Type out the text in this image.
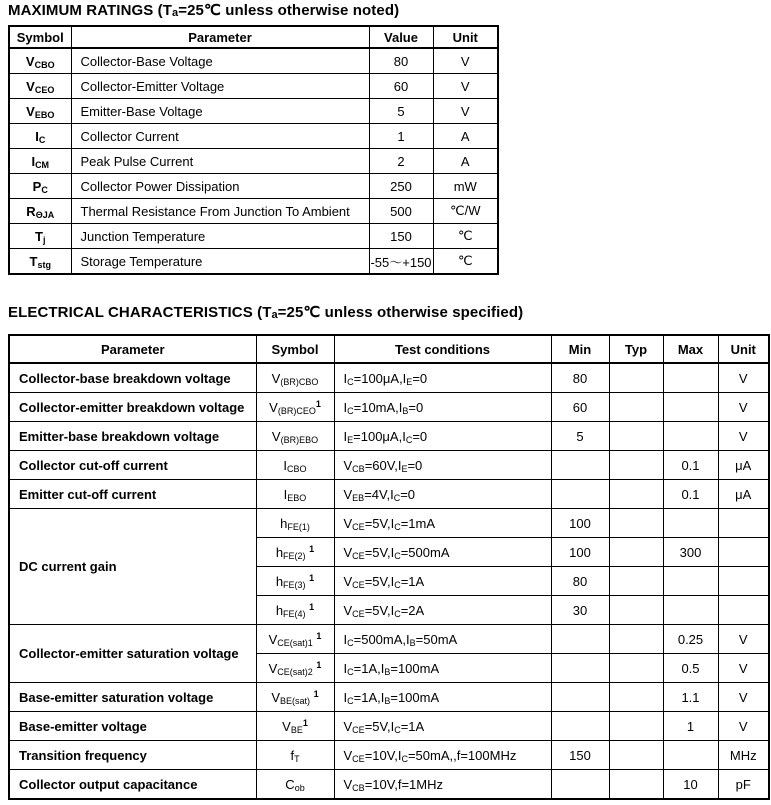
MAXIMUM RATINGS ($T_a=25℃$ unless otherwise noted)
Symbol	Parameter	Value	Unit
$V_{CBO}$	Collector-Base Voltage	80	V
$V_{CEO}$	Collector-Emitter Voltage	60	V
$V_{EBO}$	Emitter-Base Voltage	5	V
$I_C$	Collector Current	1	A
$I_{CM}$	Peak Pulse Current	2	A
$P_C$	Collector Power Dissipation	250	mW
$R_{\Theta JA}$	Thermal Resistance From Junction To Ambient	500	℃/W
$T_j$	Junction Temperature	150	℃
$T_{stg}$	Storage Temperature	-55～+150	℃
ELECTRICAL CHARACTERISTICS ($T_a=25℃$ unless otherwise specified)
Parameter	Symbol	Test conditions	Min	Typ	Max	Unit
Collector-base breakdown voltage	$V_{(BR)CBO}$	$I_C=100\mu A,I_E=0$	80			V
Collector-emitter breakdown voltage	$V_{(BR)CEO}^1$	$I_C=10mA,I_B=0$	60			V
Emitter-base breakdown voltage	$V_{(BR)EBO}$	$I_E=100\mu A,I_C=0$	5			V
Collector cut-off current	$I_{CBO}$	$V_{CB}=60V,I_E=0$			0.1	μA
Emitter cut-off current	$I_{EBO}$	$V_{EB}=4V,I_C=0$			0.1	μA
DC current gain	$h_{FE(1)}$	$V_{CE}=5V,I_C=1mA$	100			
	$h_{FE(2)}$ $^1$	$V_{CE}=5V,I_C=500mA$	100		300	
	$h_{FE(3)}$ $^1$	$V_{CE}=5V,I_C=1A$	80			
	$h_{FE(4)}$ $^1$	$V_{CE}=5V,I_C=2A$	30			
Collector-emitter saturation voltage	$V_{CE(sat)1}$ $^1$	$I_C=500mA,I_B=50mA$			0.25	V
	$V_{CE(sat)2}$ $^1$	$I_C=1A,I_B=100mA$			0.5	V
Base-emitter saturation voltage	$V_{BE(sat)}$ $^1$	$I_C=1A,I_B=100mA$			1.1	V
Base-emitter voltage	$V_{BE}^1$	$V_{CE}=5V,I_C=1A$			1	V
Transition frequency	$f_T$	$V_{CE}=10V,I_C=50mA,,f=100MHz$	150			MHz
Collector output capacitance	$C_{ob}$	$V_{CB}=10V,f=1MHz$			10	pF
